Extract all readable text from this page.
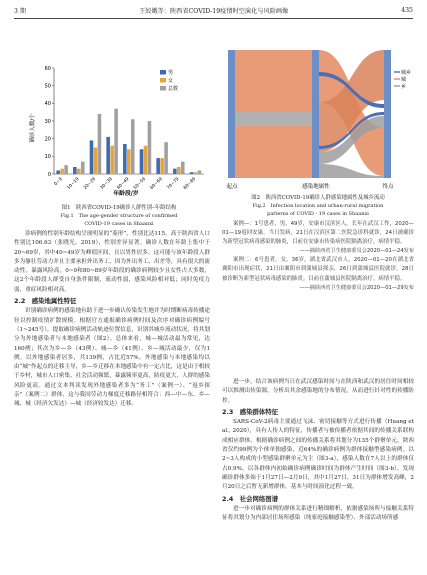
3 期	王姣娥等：陕西省COVID-19疫情时空演化与风险画像	435
确诊人数/个
0
10
20
30
40
50
60
0~9 10~19 20~29 30~39 40~49 50~59 60~69 70~79 80~89
男
女
总数
年龄段/岁
图1　陕西省COVID-19确诊人群性别–年龄结构
Fig.1　The age-gender structure of confirmed
COVID-19 cases in Shaanxi
城乡
城
乡
起点	感染地属性	终点
图2　陕西省COVID-19确诊人群感染地属性及城乡流动
Fig.2　Infection location and urban-rural migration
patterns of COVID - 19 cases in Shaanxi

诊病例的性别年龄结构呈现明显的“菱形”，性别比达115，高于陕西省人口性别比106.63（张晓光，2019），性别差异显著。确诊人数在年龄上集中于20~69岁，其中40~49岁为峰值区间，且以男性居多。这可能与该年龄段人群多为躯壮劳动力并且主要承担外出务工、因为外出务工、出差等，具有很大的流动性，暴露风险高。0~9和80~89岁年龄段的确诊病例较少且女性占大多数，这2个年龄段人群受自身条件限制，流动性弱，感染风险相对低；同时免疫力弱，重症风险相对高。

2.2　感染地属性特征

识别确诊病例的感染地有助于进一步确认传染发生地并为时期断病毒传播途径以控制疫情扩散规模。根据官方通报确诊病例时间及次序对确诊病例编号（1~245号），提取确诊病例活动轨迹位置信息，识别其城乡流动状况，将其划分为外地感染者与本地感染者（图2）。总体来看，城—城活动最为常见，达160例；其次为乡—乡（43例）、城—乡（41例）、乡—城活动最少，仅为1例。以外地感染者居多，共139例，占比近57%。外地感染与本地感染均以由“城”作起点的迁移主导，乡—乡迁移在本地感染中有一定占比，这是由于相较于乡村，城市人口密集、社会活动频繁，暴露频率更高，防疫更大，人群的感染风险更高。通过文本判读发现外地感染者多为“务工”（案例一）、“返乡探亲”（案例二）群体，这与我国劳动力梯度迁移路径相符合：西—中—东、乡—城、城（经济欠发达）—城（经济较发达）迁移。

案例—：1号患者，男，49岁，安康市汉滨区人，长年在武汉工作，2020—01—19返回安康，当日发病，21日在汉滨区第二医院急诊科就诊，24日被确诊为新型冠状病毒感染的肺炎，目前在安康市传染病医院隔离治疗，病情平稳。

——摘陕西省卫生健康委员会2020—01—24发布

案例二：6号患者，女，36岁，湖北省武汉市人。2020—01—20在湖北省襄阳市出现症状，21日由襄阳市到蒲城县探亲，26日到蒲城县医院就诊，28日被诊断为新型冠状病毒感染的肺炎。目前在蒲城县医院隔离治疗，病情平稳。

——摘陕西省卫生健康委员会2020—01—29发布

进一步，结合该病例当日在武汉感染时间与在陕西和武汉的居住时间相较可以推测出传染源，分析出其余感染地的分布情况，从而进行针对性的传播防控。

2.3　感染群体特征

SARS-CoV-2病毒主要通过飞沫、密切接触等方式进行传播（Huang et al., 2020），具有人传人的特征，传播者与被传播者依据其间的传播关系联构成相应群体。根据确诊病例之间的传播关系将其划分为135个群聚单元，陕西省仅约99例为个体单独感染，近64%的确诊病例为群体接触型感染病例。以2~3人构成的小型感染群聚单元为主（图3-a），感染人数在7人以上的群体仅占0.9%。以各群体内初始确诊病例确诊时间为群体产生时间（图3-b），发现确诊群体多始于1月27日—2月9日，其中1月27日、31日为群体增发高峰，2月20日之后暂无新增群体，基本与时间演化过程一致。

2.4　社会网络图谱

进一步对确诊病例的群体关系进行精细解析，依据感染场所与接触关系特征将其划分为内部居住场所感染（纯家庭接触感染型）、外部活动场所感
